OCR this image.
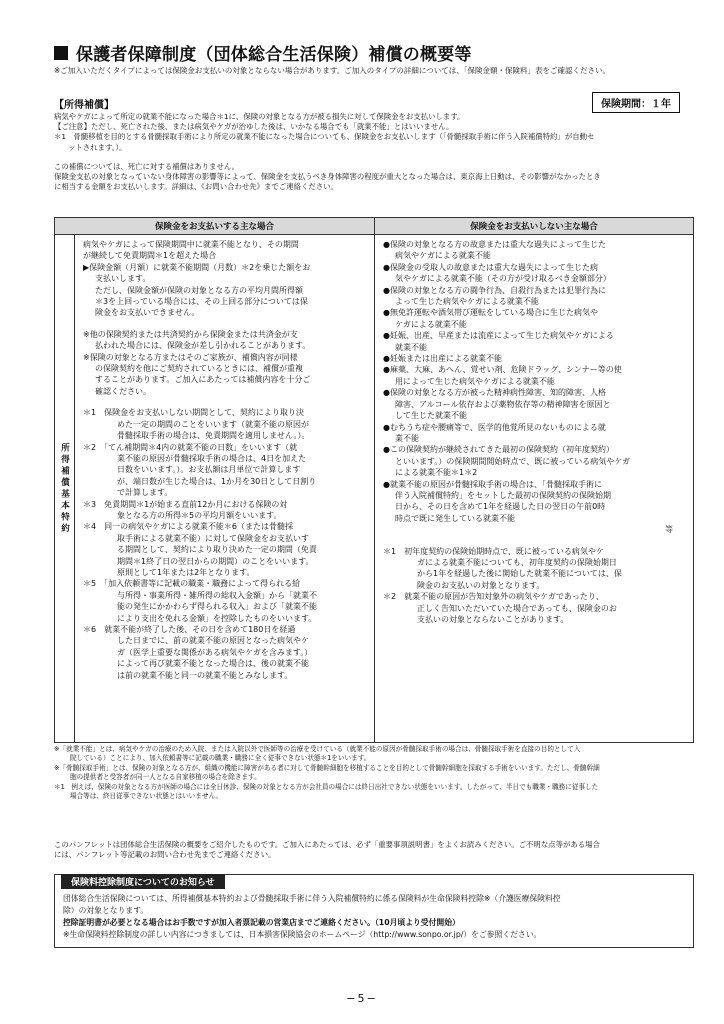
保護者保障制度（団体総合生活保険）補償の概要等

※ご加入いただくタイプによっては保険金お支払いの対象とならない場合があります。ご加入のタイプの詳細については、「保険金額・保険料」表をご確認ください。

【所得補償】	保険期間：１年

病気やケガによって所定の就業不能になった場合＊1に、保険の対象となる方が被る損失に対して保険金をお支払いします。

【ご注意】ただし、死亡された後、または病気やケガが治ゆした後は、いかなる場合でも「就業不能」とはいいません。

＊1　骨髄移植を目的とする骨髄採取手術により所定の就業不能になった場合についても、保険金をお支払いします（「骨髄採取手術に伴う入院補償特約」が自動セ

ットされます。）。

この補償については、死亡に対する補償はありません。

保険金支払の対象となっていない身体障害の影響等によって、保険金を支払うべき身体障害の程度が重大となった場合は、東京海上日動は、その影響がなかったとき

に相当する金額をお支払いします。詳細は、《お問い合わせ先》までご連絡ください。

保険金をお支払いする主な場合	保険金をお支払いしない主な場合
所得補償基本特約
病気やケガによって保険期間中に就業不能となり、その期間
が継続して免責期間＊1を超えた場合
▶保険金額（月額）に就業不能期間（月数）＊2を乗じた額をお
支払いします。
ただし、保険金額が保険の対象となる方の平均月間所得額
＊3を上回っている場合には、その上回る部分については保
険金をお支払いできません。
※他の保険契約または共済契約から保険金または共済金が支
払われた場合には、保険金が差し引かれることがあります。
※保険の対象となる方またはそのご家族が、補償内容が同様
の保険契約を他にご契約されているときには、補償が重複
することがあります。ご加入にあたっては補償内容を十分ご
確認ください。
＊1　保険金をお支払いしない期間として、契約により取り決
めた一定の期間のことをいいます（就業不能の原因が
骨髄採取手術の場合は、免責期間を適用しません。）。
＊2　「てん補期間＊4内の就業不能の日数」をいいます（就
業不能の原因が骨髄採取手術の場合は、4日を加えた
日数をいいます。）。お支払額は月単位で計算します
が、端日数が生じた場合は、1か月を30日として日割り
で計算します。
＊3　免責期間＊1が始まる直前12か月における保険の対
象となる方の所得＊5の平均月額をいいます。
＊4　同一の病気やケガによる就業不能＊6（または骨髄採
取手術による就業不能）に対して保険金をお支払いす
る期間として、契約により取り決めた一定の期間（免責
期間＊1終了日の翌日からの期間）のことをいいます。
原則として1年または2年となります。
＊5　「加入依頼書等に記載の職業・職務によって得られる給
与所得・事業所得・雑所得の総収入金額」から「就業不
能の発生にかかわらず得られる収入」および「就業不能
により支出を免れる金額」を控除したものをいいます。
＊6　就業不能が終了した後、その日を含めて180日を経過
した日までに、前の就業不能の原因となった病気やケ
ガ（医学上重要な関係がある病気やケガを含みます。）
によって再び就業不能となった場合は、後の就業不能
は前の就業不能と同一の就業不能とみなします。
●保険の対象となる方の故意または重大な過失によって生じた
病気やケガによる就業不能
●保険金の受取人の故意または重大な過失によって生じた病
気やケガによる就業不能（その方が受け取るべき金額部分）
●保険の対象となる方の闘争行為、自殺行為または犯罪行為に
よって生じた病気やケガによる就業不能
●無免許運転や酒気帯び運転をしている場合に生じた病気や
ケガによる就業不能
●妊娠、出産、早産または流産によって生じた病気やケガによる
就業不能
●妊娠または出産による就業不能
●麻薬、大麻、あへん、覚せい剤、危険ドラッグ、シンナー等の使
用によって生じた病気やケガによる就業不能
●保険の対象となる方が被った精神病性障害、知的障害、人格
障害、アルコール依存および薬物依存等の精神障害を原因と
して生じた就業不能
●むちうち症や腰痛等で、医学的他覚所見のないものによる就
業不能
●この保険契約が継続されてきた最初の保険契約（初年度契約）
といいます。）の保険期間開始時点で、既に被っている病気やケガ
による就業不能＊1＊2
●就業不能の原因が骨髄採取手術の場合は、「骨髄採取手術に
伴う入院補償特約」をセットした最初の保険契約の保険始期
日から、その日を含めて1年を経過した日の翌日の午前0時
時点で既に発生している就業不能
等
＊1　初年度契約の保険始期時点で、既に被っている病気やケ
ガによる就業不能についても、初年度契約の保険始期日
から1年を経過した後に開始した就業不能については、保
険金のお支払いの対象となります。
＊2　就業不能の原因が告知対象外の病気やケガであったり、
正しく告知いただいていた場合であっても、保険金のお
支払いの対象とならないことがあります。

※「就業不能」とは、病気やケガの治療のため入院、または入院以外で医師等の治療を受けている（就業不能の原因が骨髄採取手術の場合は、骨髄採取手術を直接の目的として入

院している）ことにより、加入依頼書等に記載の職業・職務に全く従事できない状態＊1をいいます。

※「骨髄採取手術」とは、保険の対象となる方が、組織の機能に障害がある者に対して骨髄幹細胞を移植することを目的として骨髄幹細胞を採取する手術をいいます。ただし、骨髄幹細

胞の提供者と受容者が同一人となる自家移植の場合を除きます。

＊1　例えば、保険の対象となる方が医師の場合には全日休診、保険の対象となる方が会社員の場合には終日出社できない状態をいいます。したがって、半日でも職業・職務に従事した

場合等は、終日従事できない状態とはいいません。

このパンフレットは団体総合生活保険の概要をご紹介したものです。ご加入にあたっては、必ず「重要事項説明書」をよくお読みください。ご不明な点等がある場合

には、パンフレット等記載のお問い合わせ先までご連絡ください。

保険料控除制度についてのお知らせ

団体総合生活保険については、所得補償基本特約および骨髄採取手術に伴う入院補償特約に係る保険料が生命保険料控除※（介護医療保険料控

除）の対象となります。

控除証明書が必要となる場合はお手数ですが加入者票記載の営業店までご連絡ください。（10月頃より受付開始）

※生命保険料控除制度の詳しい内容につきましては、日本損害保険協会のホームページ（http://www.sonpo.or.jp/）をご参照ください。

−5−
